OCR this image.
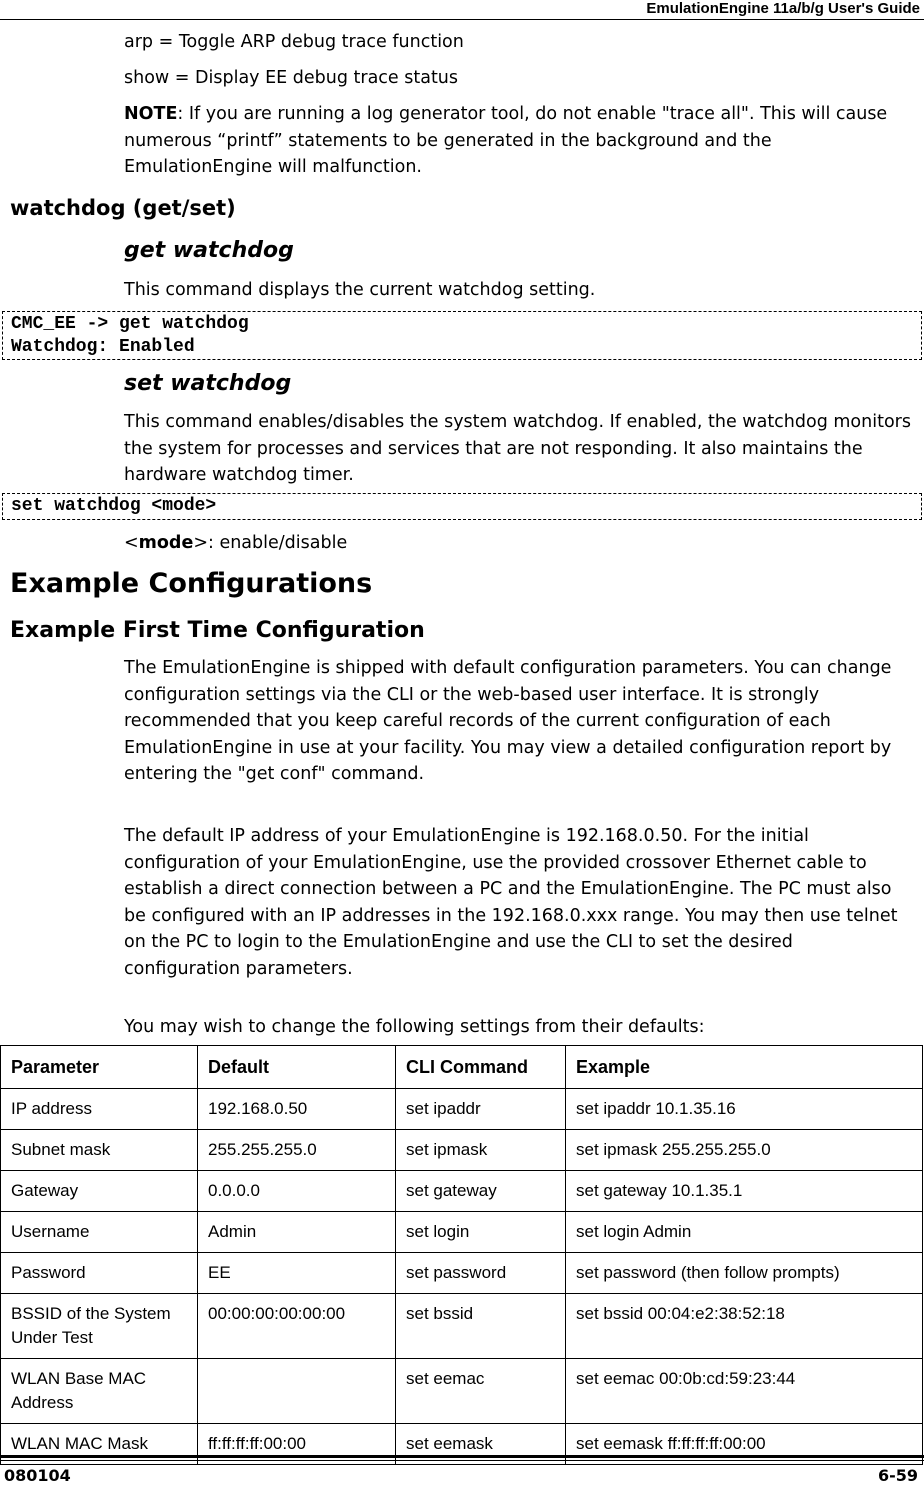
EmulationEngine 11a/b/g User's Guide
arp = Toggle ARP debug trace function
show = Display EE debug trace status
NOTE: If you are running a log generator tool, do not enable "trace all". This will cause numerous “printf” statements to be generated in the background and the EmulationEngine will malfunction.
watchdog (get/set)
get watchdog
This command displays the current watchdog setting.
CMC_EE -> get watchdog
Watchdog: Enabled
set watchdog
This command enables/disables the system watchdog. If enabled, the watchdog monitors the system for processes and services that are not responding. It also maintains the hardware watchdog timer.
set watchdog <mode>
<mode>: enable/disable
Example Configurations
Example First Time Configuration
The EmulationEngine is shipped with default configuration parameters. You can change configuration settings via the CLI or the web-based user interface. It is strongly recommended that you keep careful records of the current configuration of each EmulationEngine in use at your facility. You may view a detailed configuration report by entering the "get conf" command.
The default IP address of your EmulationEngine is 192.168.0.50. For the initial configuration of your EmulationEngine, use the provided crossover Ethernet cable to establish a direct connection between a PC and the EmulationEngine. The PC must also be configured with an IP addresses in the 192.168.0.xxx range. You may then use telnet on the PC to login to the EmulationEngine and use the CLI to set the desired configuration parameters.
You may wish to change the following settings from their defaults:
Parameter	Default	CLI Command	Example
IP address	192.168.0.50	set ipaddr	set ipaddr 10.1.35.16
Subnet mask	255.255.255.0	set ipmask	set ipmask 255.255.255.0
Gateway	0.0.0.0	set gateway	set gateway 10.1.35.1
Username	Admin	set login	set login Admin
Password	EE	set password	set password (then follow prompts)
BSSID of the System Under Test	00:00:00:00:00:00	set bssid	set bssid 00:04:e2:38:52:18
WLAN Base MAC Address		set eemac	set eemac 00:0b:cd:59:23:44
WLAN MAC Mask	ff:ff:ff:ff:00:00	set eemask	set eemask ff:ff:ff:ff:00:00
080104	6-59
